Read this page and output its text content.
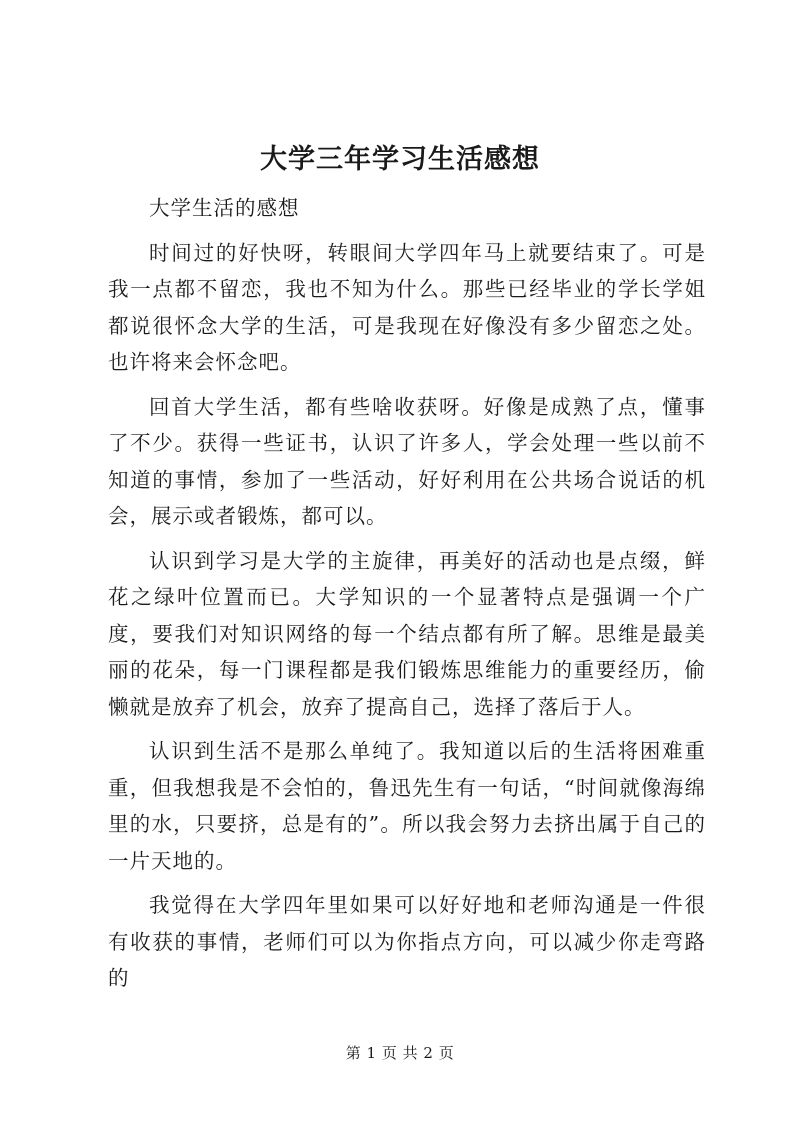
大学三年学习生活感想

大学生活的感想

时间过的好快呀，转眼间大学四年马上就要结束了。可是我一点都不留恋，我也不知为什么。那些已经毕业的学长学姐都说很怀念大学的生活，可是我现在好像没有多少留恋之处。也许将来会怀念吧。

回首大学生活，都有些啥收获呀。好像是成熟了点，懂事了不少。获得一些证书，认识了许多人，学会处理一些以前不知道的事情，参加了一些活动，好好利用在公共场合说话的机会，展示或者锻炼，都可以。

认识到学习是大学的主旋律，再美好的活动也是点缀，鲜花之绿叶位置而已。大学知识的一个显著特点是强调一个广度，要我们对知识网络的每一个结点都有所了解。思维是最美丽的花朵，每一门课程都是我们锻炼思维能力的重要经历，偷懒就是放弃了机会，放弃了提高自己，选择了落后于人。

认识到生活不是那么单纯了。我知道以后的生活将困难重重，但我想我是不会怕的，鲁迅先生有一句话，“时间就像海绵里的水，只要挤，总是有的”。所以我会努力去挤出属于自己的一片天地的。

我觉得在大学四年里如果可以好好地和老师沟通是一件很有收获的事情，老师们可以为你指点方向，可以减少你走弯路的

第 1 页 共 2 页
